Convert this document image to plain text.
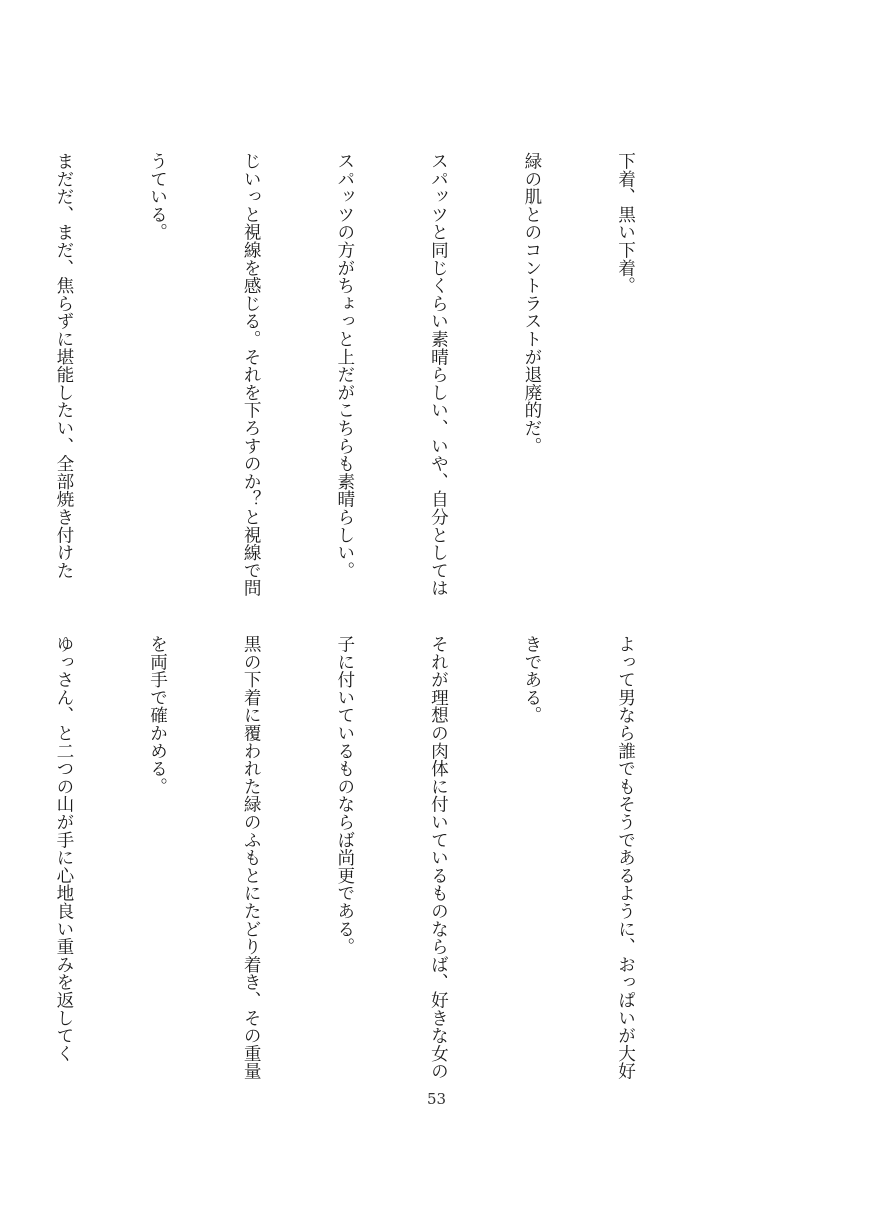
下着、黒い下着。

緑の肌とのコントラストが退廃的だ。

スパッツと同じくらい素晴らしい、いや、自分としては

スパッツの方がちょっと上だがこちらも素晴らしい。

じいっと視線を感じる。それを下ろすのか？と視線で問

うている。

まだだ、まだ、焦らずに堪能したい、全部焼き付けた

よって男なら誰でもそうであるように、おっぱいが大好

きである。

それが理想の肉体に付いているものならば、好きな女の

子に付いているものならば尚更である。

黒の下着に覆われた緑のふもとにたどり着き、その重量

を両手で確かめる。

ゆっさん、と二つの山が手に心地良い重みを返してく

53
